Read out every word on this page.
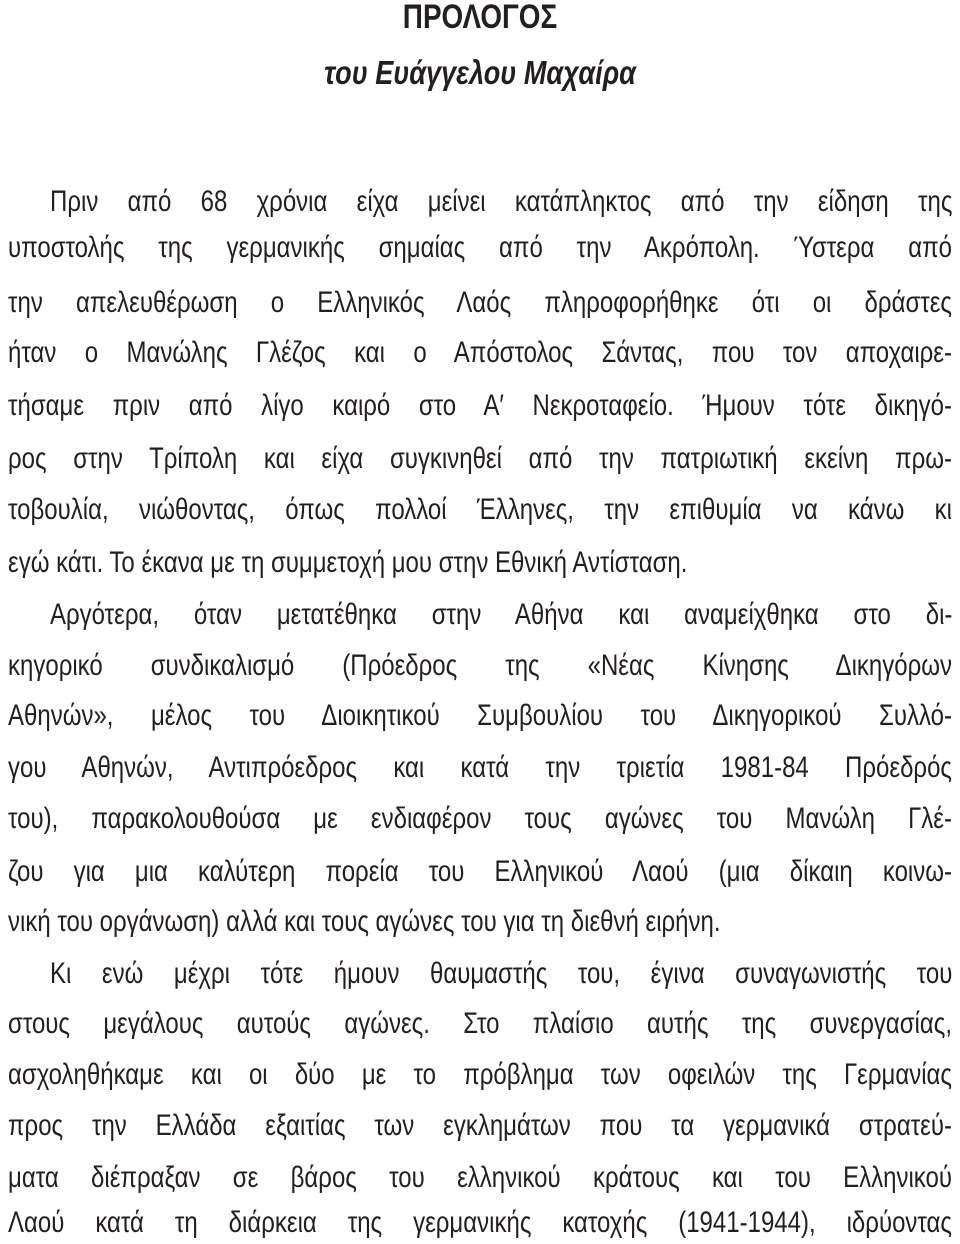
ΠΡΟΛΟΓΟΣ
του Ευάγγελου Μαχαίρα
Πριν από 68 χρόνια είχα μείνει κατάπληκτος από την είδηση της
υποστολής της γερμανικής σημαίας από την Ακρόπολη. Ύστερα από
την απελευθέρωση ο Ελληνικός Λαός πληροφορήθηκε ότι οι δράστες
ήταν ο Μανώλης Γλέζος και ο Απόστολος Σάντας, που τον αποχαιρε-
τήσαμε πριν από λίγο καιρό στο Α′ Νεκροταφείο. Ήμουν τότε δικηγό-
ρος στην Τρίπολη και είχα συγκινηθεί από την πατριωτική εκείνη πρω-
τοβουλία, νιώθοντας, όπως πολλοί Έλληνες, την επιθυμία να κάνω κι
εγώ κάτι. Το έκανα με τη συμμετοχή μου στην Εθνική Αντίσταση.
Αργότερα, όταν μετατέθηκα στην Αθήνα και αναμείχθηκα στο δι-
κηγορικό συνδικαλισμό (Πρόεδρος της «Νέας Κίνησης Δικηγόρων
Αθηνών», μέλος του Διοικητικού Συμβουλίου του Δικηγορικού Συλλό-
γου Αθηνών, Αντιπρόεδρος και κατά την τριετία 1981-84 Πρόεδρός
του), παρακολουθούσα με ενδιαφέρον τους αγώνες του Μανώλη Γλέ-
ζου για μια καλύτερη πορεία του Ελληνικού Λαού (μια δίκαιη κοινω-
νική του οργάνωση) αλλά και τους αγώνες του για τη διεθνή ειρήνη.
Κι ενώ μέχρι τότε ήμουν θαυμαστής του, έγινα συναγωνιστής του
στους μεγάλους αυτούς αγώνες. Στο πλαίσιο αυτής της συνεργασίας,
ασχοληθήκαμε και οι δύο με το πρόβλημα των οφειλών της Γερμανίας
προς την Ελλάδα εξαιτίας των εγκλημάτων που τα γερμανικά στρατεύ-
ματα διέπραξαν σε βάρος του ελληνικού κράτους και του Ελληνικού
Λαού κατά τη διάρκεια της γερμανικής κατοχής (1941-1944), ιδρύοντας
